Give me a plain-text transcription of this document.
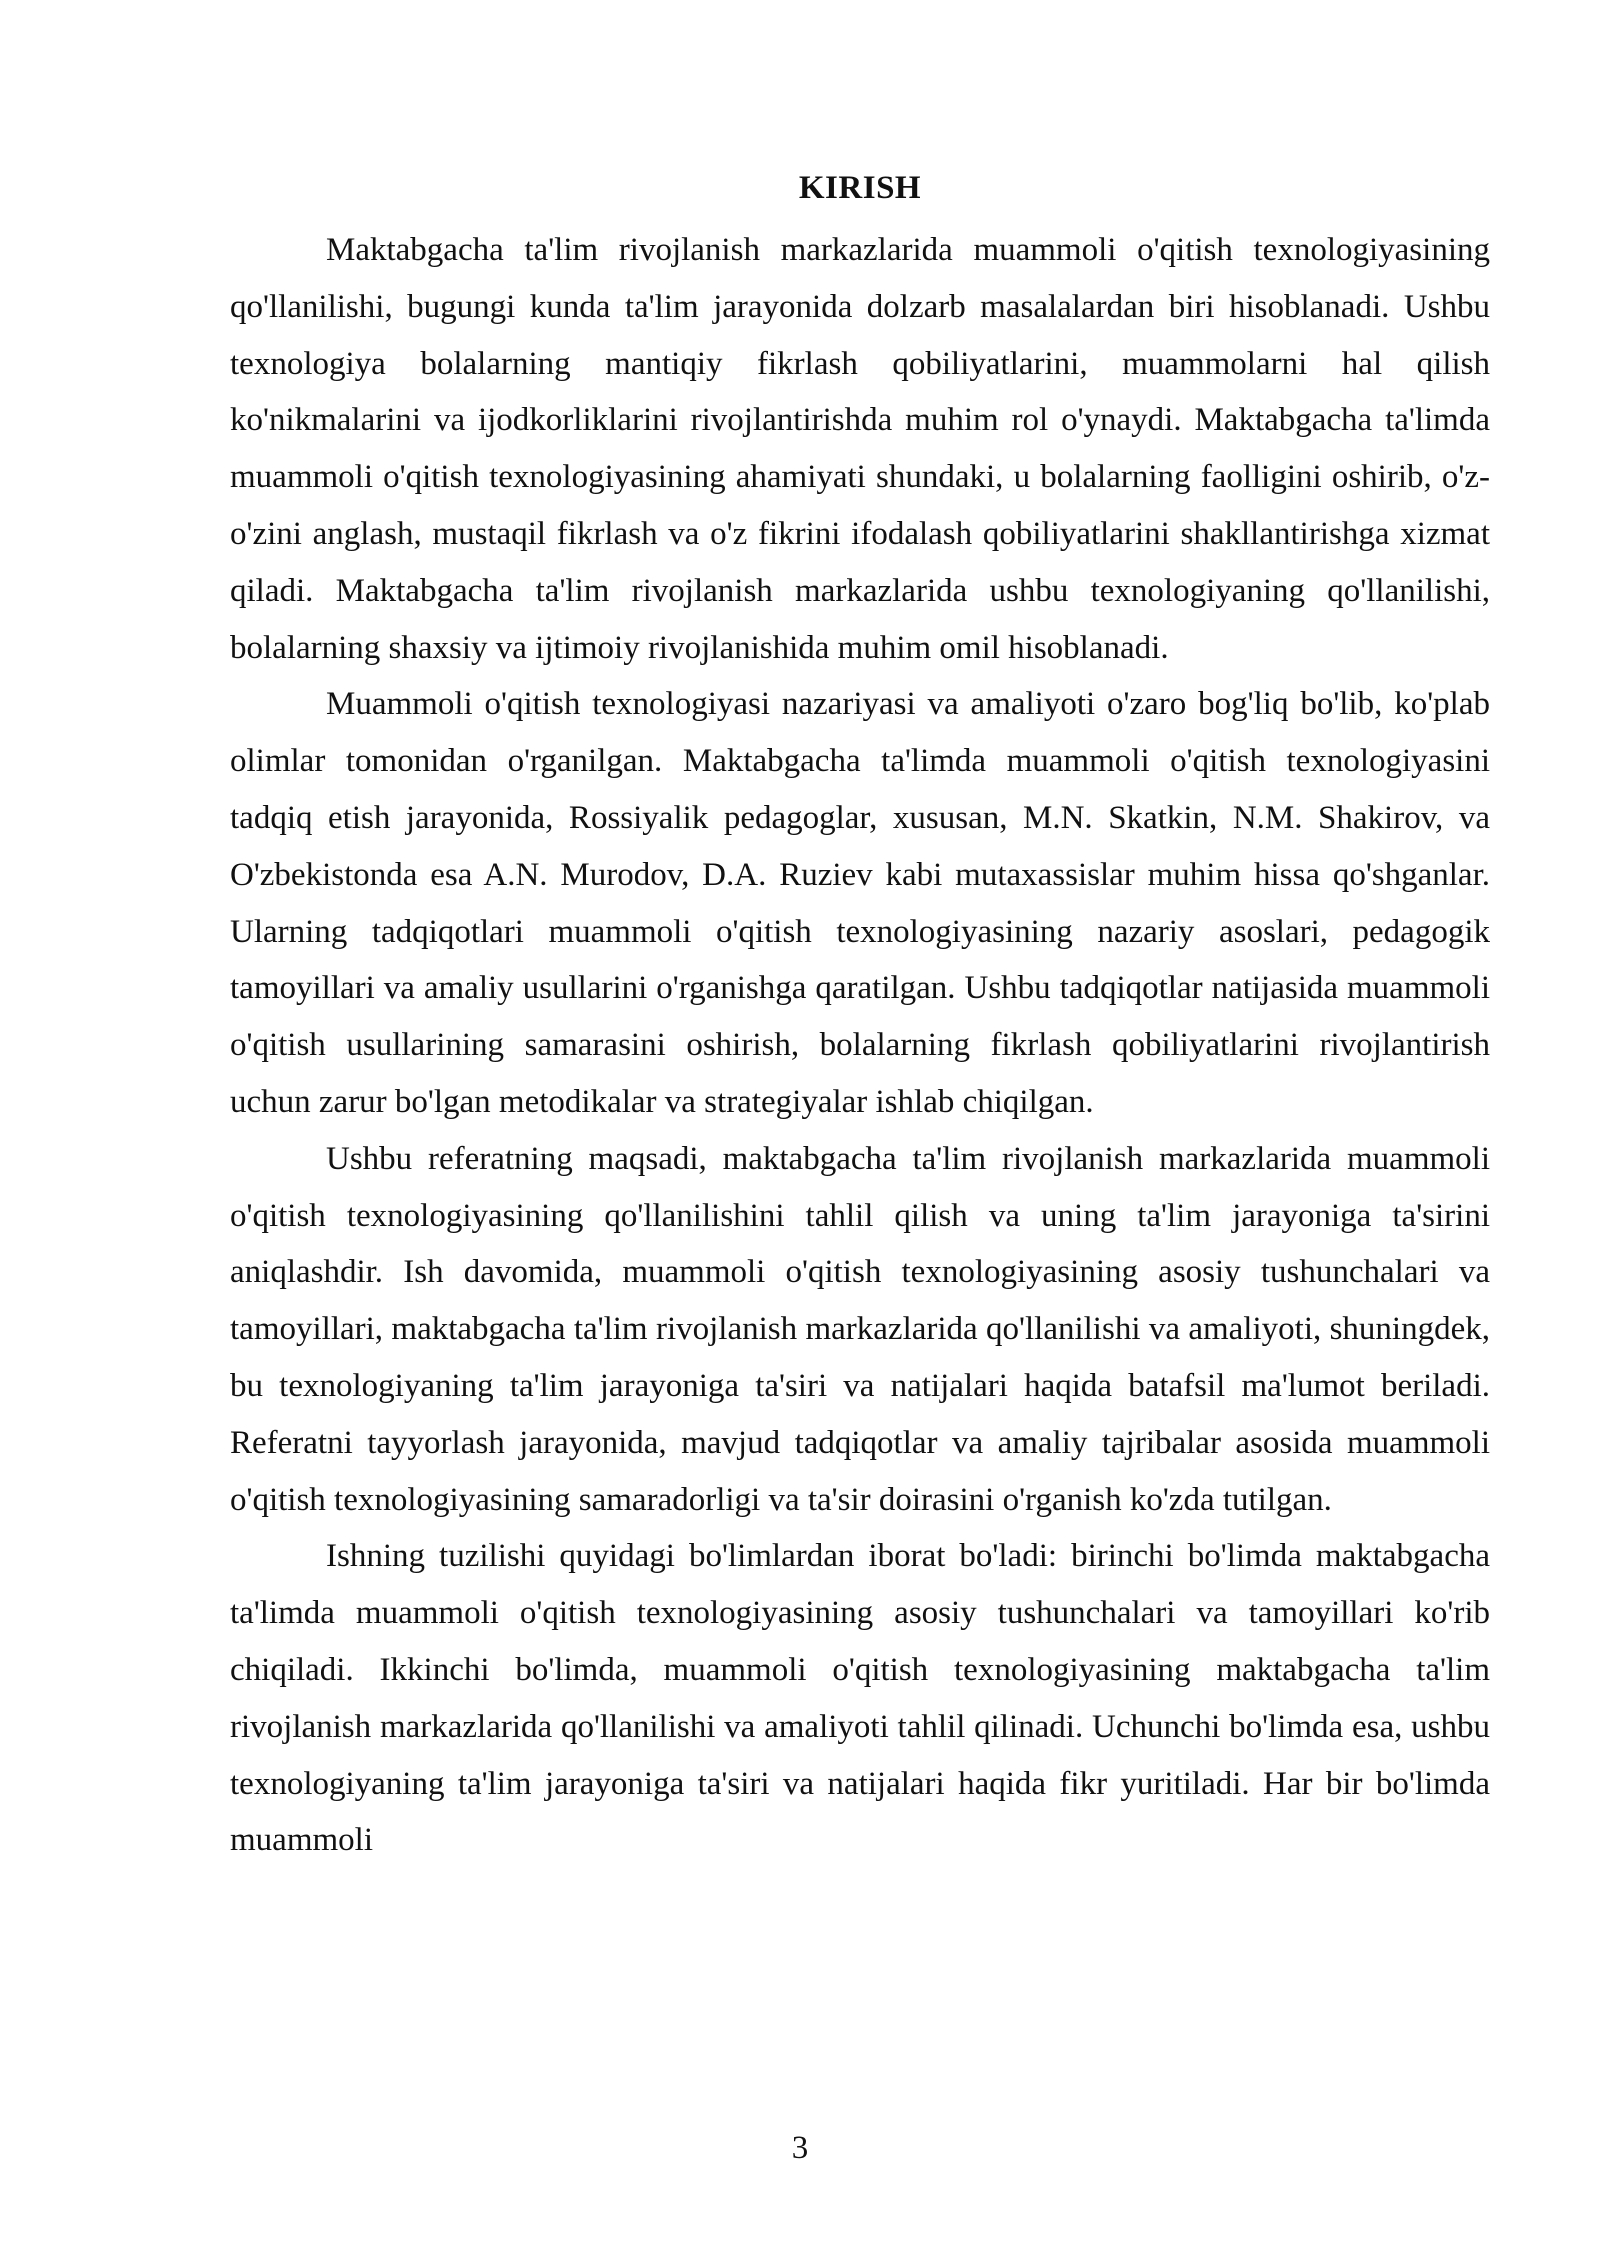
KIRISH

Maktabgacha ta'lim rivojlanish markazlarida muammoli o'qitish texnologiyasining qo'llanilishi, bugungi kunda ta'lim jarayonida dolzarb masalalardan biri hisoblanadi. Ushbu texnologiya bolalarning mantiqiy fikrlash qobiliyatlarini, muammolarni hal qilish ko'nikmalarini va ijodkorliklarini rivojlantirishda muhim rol o'ynaydi. Maktabgacha ta'limda muammoli o'qitish texnologiyasining ahamiyati shundaki, u bolalarning faolligini oshirib, o'z-o'zini anglash, mustaqil fikrlash va o'z fikrini ifodalash qobiliyatlarini shakllantirishga xizmat qiladi. Maktabgacha ta'lim rivojlanish markazlarida ushbu texnologiyaning qo'llanilishi, bolalarning shaxsiy va ijtimoiy rivojlanishida muhim omil hisoblanadi.

Muammoli o'qitish texnologiyasi nazariyasi va amaliyoti o'zaro bog'liq bo'lib, ko'plab olimlar tomonidan o'rganilgan. Maktabgacha ta'limda muammoli o'qitish texnologiyasini tadqiq etish jarayonida, Rossiyalik pedagoglar, xususan, M.N. Skatkin, N.M. Shakirov, va O'zbekistonda esa A.N. Murodov, D.A. Ruziev kabi mutaxassislar muhim hissa qo'shganlar. Ularning tadqiqotlari muammoli o'qitish texnologiyasining nazariy asoslari, pedagogik tamoyillari va amaliy usullarini o'rganishga qaratilgan. Ushbu tadqiqotlar natijasida muammoli o'qitish usullarining samarasini oshirish, bolalarning fikrlash qobiliyatlarini rivojlantirish uchun zarur bo'lgan metodikalar va strategiyalar ishlab chiqilgan.

Ushbu referatning maqsadi, maktabgacha ta'lim rivojlanish markazlarida muammoli o'qitish texnologiyasining qo'llanilishini tahlil qilish va uning ta'lim jarayoniga ta'sirini aniqlashdir. Ish davomida, muammoli o'qitish texnologiyasining asosiy tushunchalari va tamoyillari, maktabgacha ta'lim rivojlanish markazlarida qo'llanilishi va amaliyoti, shuningdek, bu texnologiyaning ta'lim jarayoniga ta'siri va natijalari haqida batafsil ma'lumot beriladi. Referatni tayyorlash jarayonida, mavjud tadqiqotlar va amaliy tajribalar asosida muammoli o'qitish texnologiyasining samaradorligi va ta'sir doirasini o'rganish ko'zda tutilgan.

Ishning tuzilishi quyidagi bo'limlardan iborat bo'ladi: birinchi bo'limda maktabgacha ta'limda muammoli o'qitish texnologiyasining asosiy tushunchalari va tamoyillari ko'rib chiqiladi. Ikkinchi bo'limda, muammoli o'qitish texnologiyasining maktabgacha ta'lim rivojlanish markazlarida qo'llanilishi va amaliyoti tahlil qilinadi. Uchunchi bo'limda esa, ushbu texnologiyaning ta'lim jarayoniga ta'siri va natijalari haqida fikr yuritiladi. Har bir bo'limda muammoli

3
